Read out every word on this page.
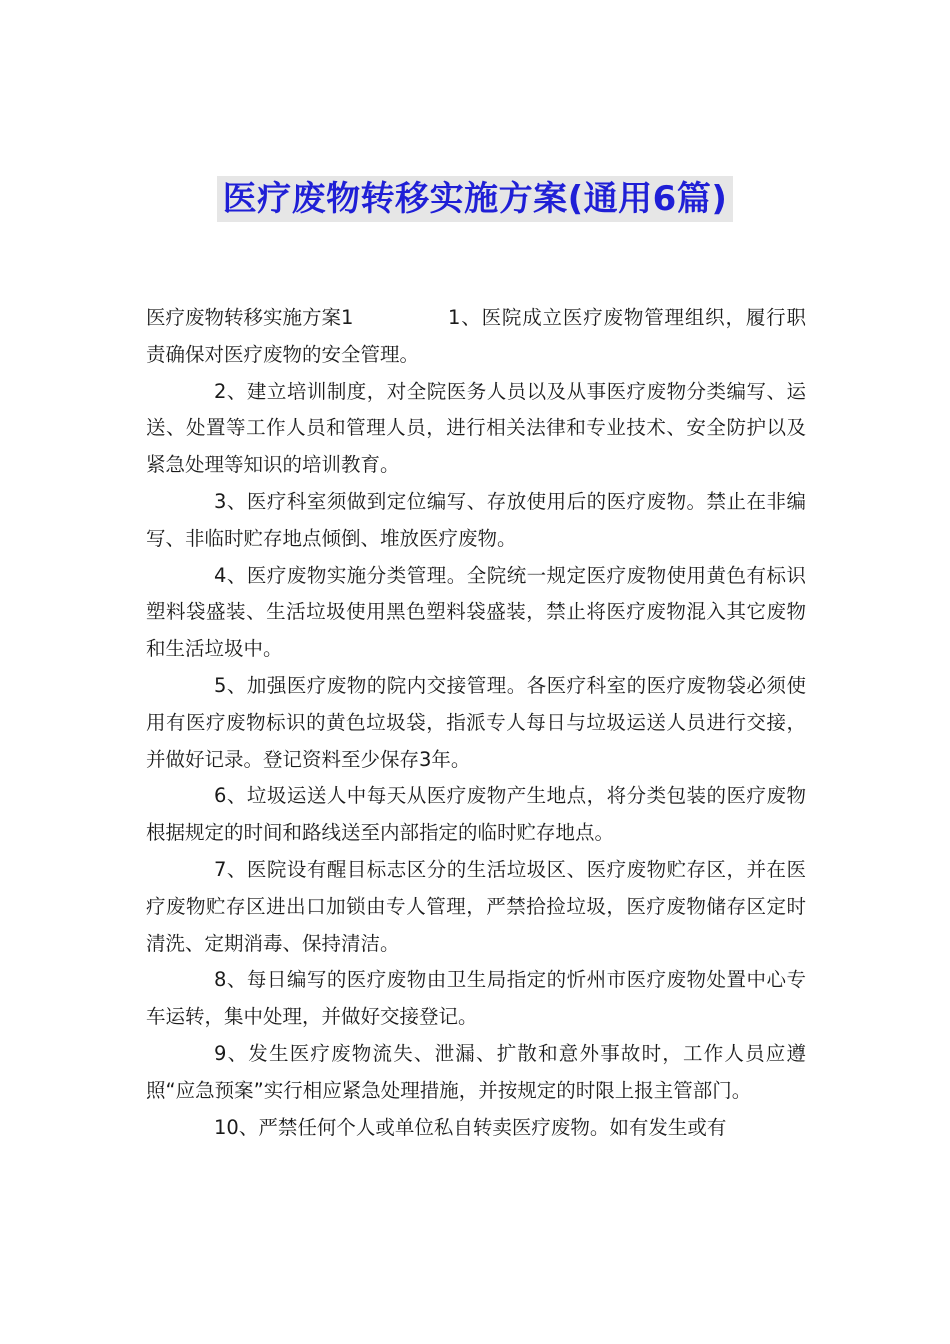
医疗废物转移实施方案(通用6篇)

医疗废物转移实施方案1	1、医院成立医疗废物管理组织，履行职责确保对医疗废物的安全管理。

2、建立培训制度，对全院医务人员以及从事医疗废物分类编写、运送、处置等工作人员和管理人员，进行相关法律和专业技术、安全防护以及紧急处理等知识的培训教育。

3、医疗科室须做到定位编写、存放使用后的医疗废物。禁止在非编写、非临时贮存地点倾倒、堆放医疗废物。

4、医疗废物实施分类管理。全院统一规定医疗废物使用黄色有标识塑料袋盛装、生活垃圾使用黑色塑料袋盛装，禁止将医疗废物混入其它废物和生活垃圾中。

5、加强医疗废物的院内交接管理。各医疗科室的医疗废物袋必须使用有医疗废物标识的黄色垃圾袋，指派专人每日与垃圾运送人员进行交接，并做好记录。登记资料至少保存3年。

6、垃圾运送人中每天从医疗废物产生地点，将分类包装的医疗废物根据规定的时间和路线送至内部指定的临时贮存地点。

7、医院设有醒目标志区分的生活垃圾区、医疗废物贮存区，并在医疗废物贮存区进出口加锁由专人管理，严禁拾捡垃圾，医疗废物储存区定时清洗、定期消毒、保持清洁。

8、每日编写的医疗废物由卫生局指定的忻州市医疗废物处置中心专车运转，集中处理，并做好交接登记。

9、发生医疗废物流失、泄漏、扩散和意外事故时，工作人员应遵照“应急预案”实行相应紧急处理措施，并按规定的时限上报主管部门。

10、严禁任何个人或单位私自转卖医疗废物。如有发生或有
